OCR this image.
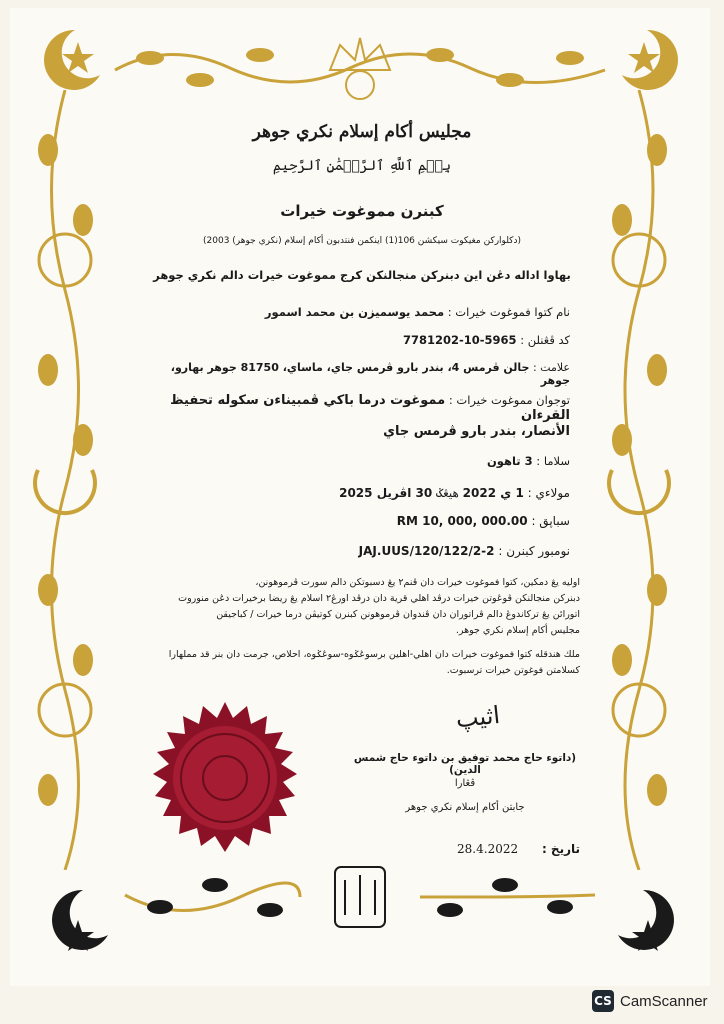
مجليس أكام إسلام نكري جوهر
بِسۡمِ ٱللَّهِ ٱلرَّحۡمَٰنِ ٱلرَّحِيمِ
كبنرن مموغوت خيرات
(دكلواركن مغيكوت سيكشن 106(1) اينكمن فنتدبون أكام إسلام (نكري جوهر) 2003)
بهاوا اداله دڠن اين دبنركن منجالنكن كرج مموغوت خيرات دالم نكري جوهر
نام كتوا فموغوت خيرات : محمد يوسميزن بن محمد اسمور
كد ڤڠنلن : 7781202-10-5965
علامت : جالن ڤرمس 4، بندر بارو ڤرمس جاي، ماساي، 81750 جوهر بهارو، جوهر
توجوان مموغوت خيرات : مموغوت درما باكي ڤمبيناءن سكوله تحفيظ القرءان
الأنصار، بندر بارو ڤرمس جاي
سلاما : 3 تاهون
مولاءي : 1 ي 2022 هيڠݢ 30 اڤريل 2025
سباڽق : RM 10, 000, 000.00
نومبور كبنرن : JAJ.UUS/120/122/2-2
اوليه يڠ دمكين، كتوا فموغوت خيرات دان ڤنم٢ يڠ دسبوتكن دالم سورت ڤرموهونن،
دبنركن منجالنكن ڤوڠوتن خيرات درڤد اهلي قرية دان درڤد اورڠ٢ اسلام يڠ ريضا برخيرات دڠن منوروت
اتورائن يڠ ترکاندوڠ دالم ڤراتوران دان ڤندوان ڤرموهونن كبنرن كوتيڤن درما خيرات / كباجيقن
مجليس أكام إسلام نكري جوهر.
ملك هندقله كتوا فموغوت خيرات دان اهلي-اهلين برسوڠݢوه-سوڠݢوه، احلاص، جرمت دان بنر قد مملهارا
كسلامتن فوغوتن خيرات ترسبوت.
اثيپ
(داتوء حاج محمد توفيق بن داتوء حاج شمس الدين)
ڤڠارا
جابتن أكام إسلام نكري جوهر
تاريخ : 28.4.2022
CS CamScanner
